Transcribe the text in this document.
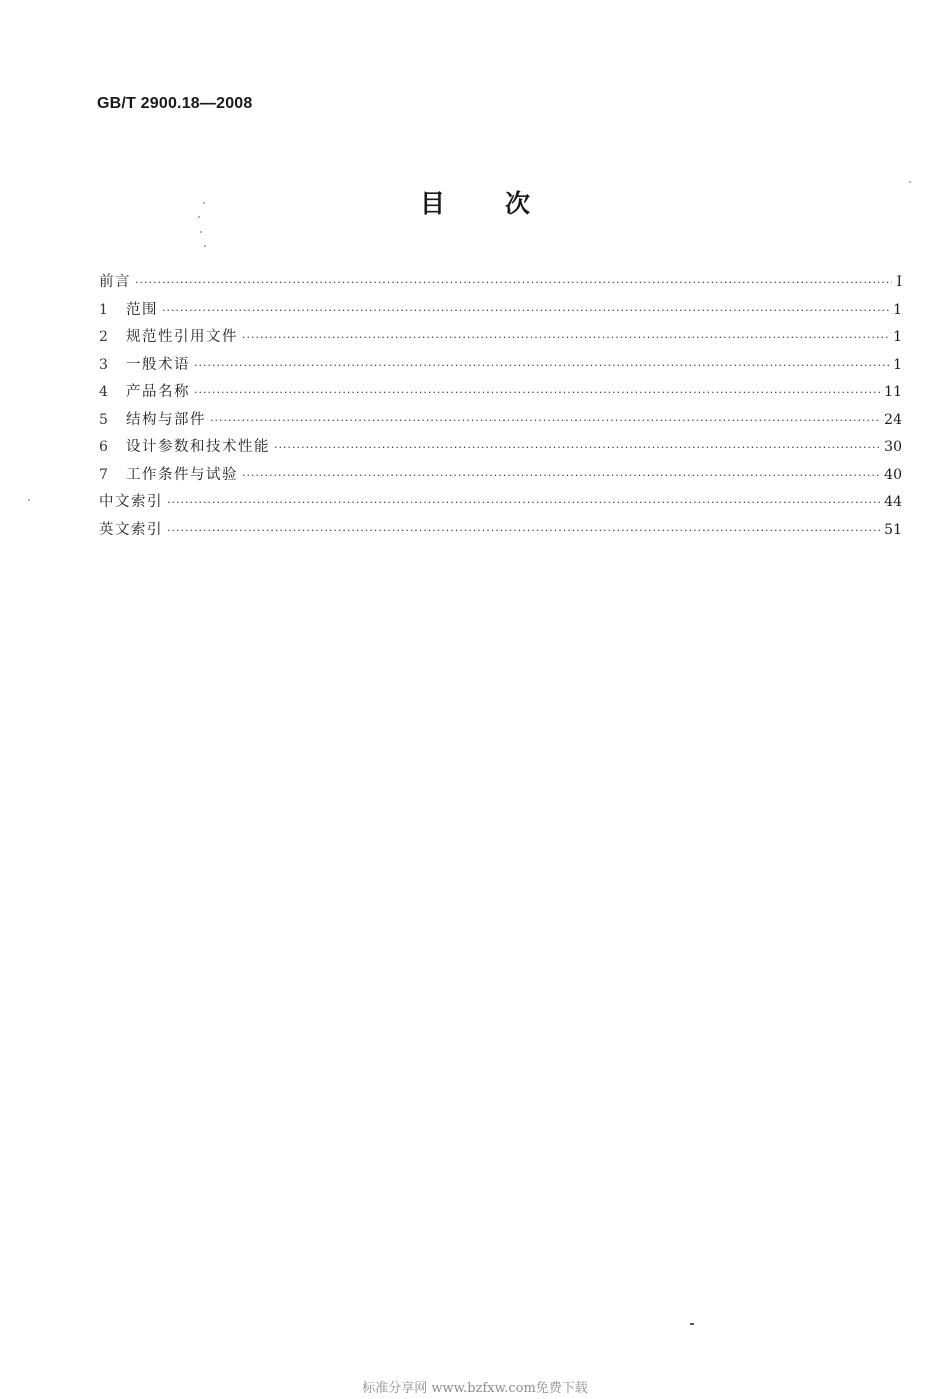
GB/T 2900.18—2008
目 次
前言 ·····	Ⅰ
1	范围 ·····	1
2	规范性引用文件 ·····	1
3	一般术语 ·····	1
4	产品名称 ·····	11
5	结构与部件 ·····	24
6	设计参数和技术性能 ·····	30
7	工作条件与试验 ·····	40
中文索引 ·····	44
英文索引 ·····	51
标准分享网 www.bzfxw.com免费下载
